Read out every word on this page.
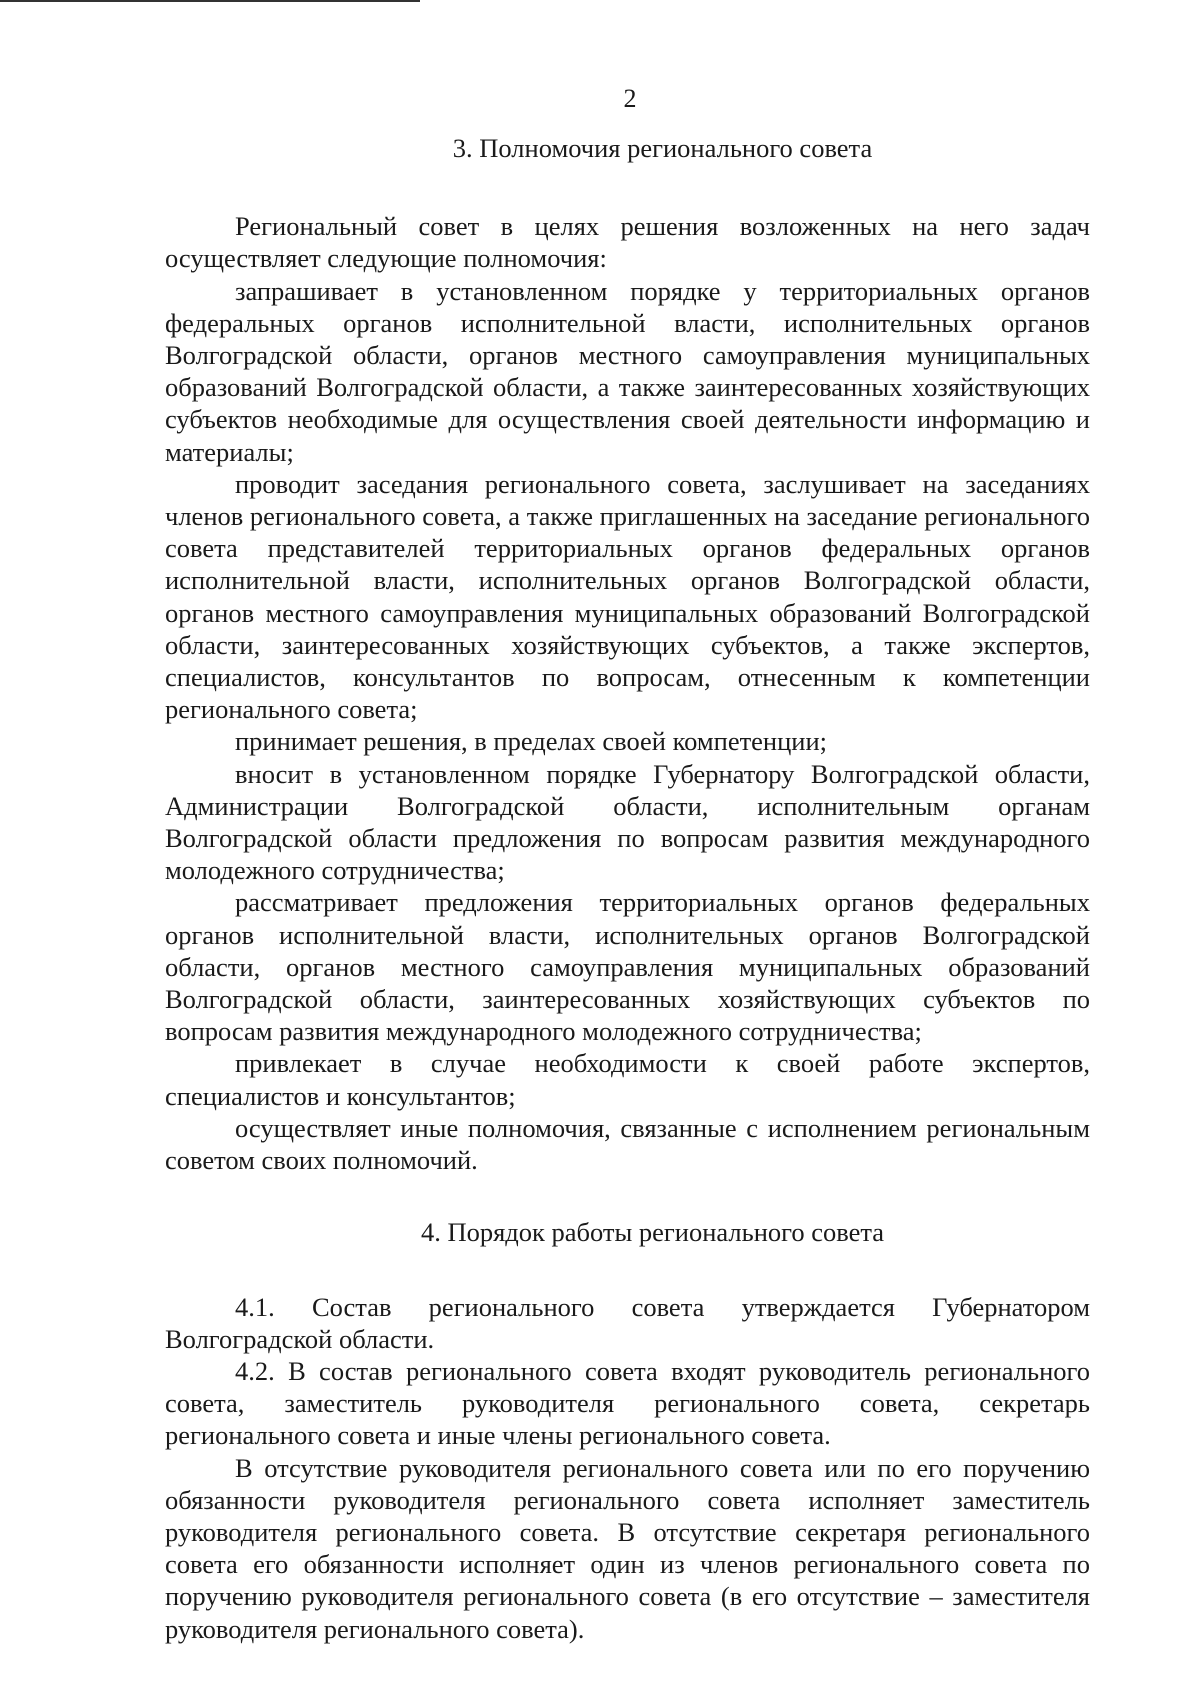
2
3. Полномочия регионального совета

Региональный совет в целях решения возложенных на него задач осуществляет следующие полномочия:

запрашивает в установленном порядке у территориальных органов федеральных органов исполнительной власти, исполнительных органов Волгоградской области, органов местного самоуправления муниципальных образований Волгоградской области, а также заинтересованных хозяйствующих субъектов необходимые для осуществления своей деятельности информацию и материалы;

проводит заседания регионального совета, заслушивает на заседаниях членов регионального совета, а также приглашенных на заседание регионального совета представителей территориальных органов федеральных органов исполнительной власти, исполнительных органов Волгоградской области, органов местного самоуправления муниципальных образований Волгоградской области, заинтересованных хозяйствующих субъектов, а также экспертов, специалистов, консультантов по вопросам, отнесенным к компетенции регионального совета;

принимает решения, в пределах своей компетенции;

вносит в установленном порядке Губернатору Волгоградской области, Администрации Волгоградской области, исполнительным органам Волгоградской области предложения по вопросам развития международного молодежного сотрудничества;

рассматривает предложения территориальных органов федеральных органов исполнительной власти, исполнительных органов Волгоградской области, органов местного самоуправления муниципальных образований Волгоградской области, заинтересованных хозяйствующих субъектов по вопросам развития международного молодежного сотрудничества;

привлекает в случае необходимости к своей работе экспертов, специалистов и консультантов;

осуществляет иные полномочия, связанные с исполнением региональным советом своих полномочий.

4. Порядок работы регионального совета

4.1. Состав регионального совета утверждается Губернатором Волгоградской области.

4.2. В состав регионального совета входят руководитель регионального совета, заместитель руководителя регионального совета, секретарь регионального совета и иные члены регионального совета.

В отсутствие руководителя регионального совета или по его поручению обязанности руководителя регионального совета исполняет заместитель руководителя регионального совета. В отсутствие секретаря регионального совета его обязанности исполняет один из членов регионального совета по поручению руководителя регионального совета (в его отсутствие – заместителя руководителя регионального совета).
